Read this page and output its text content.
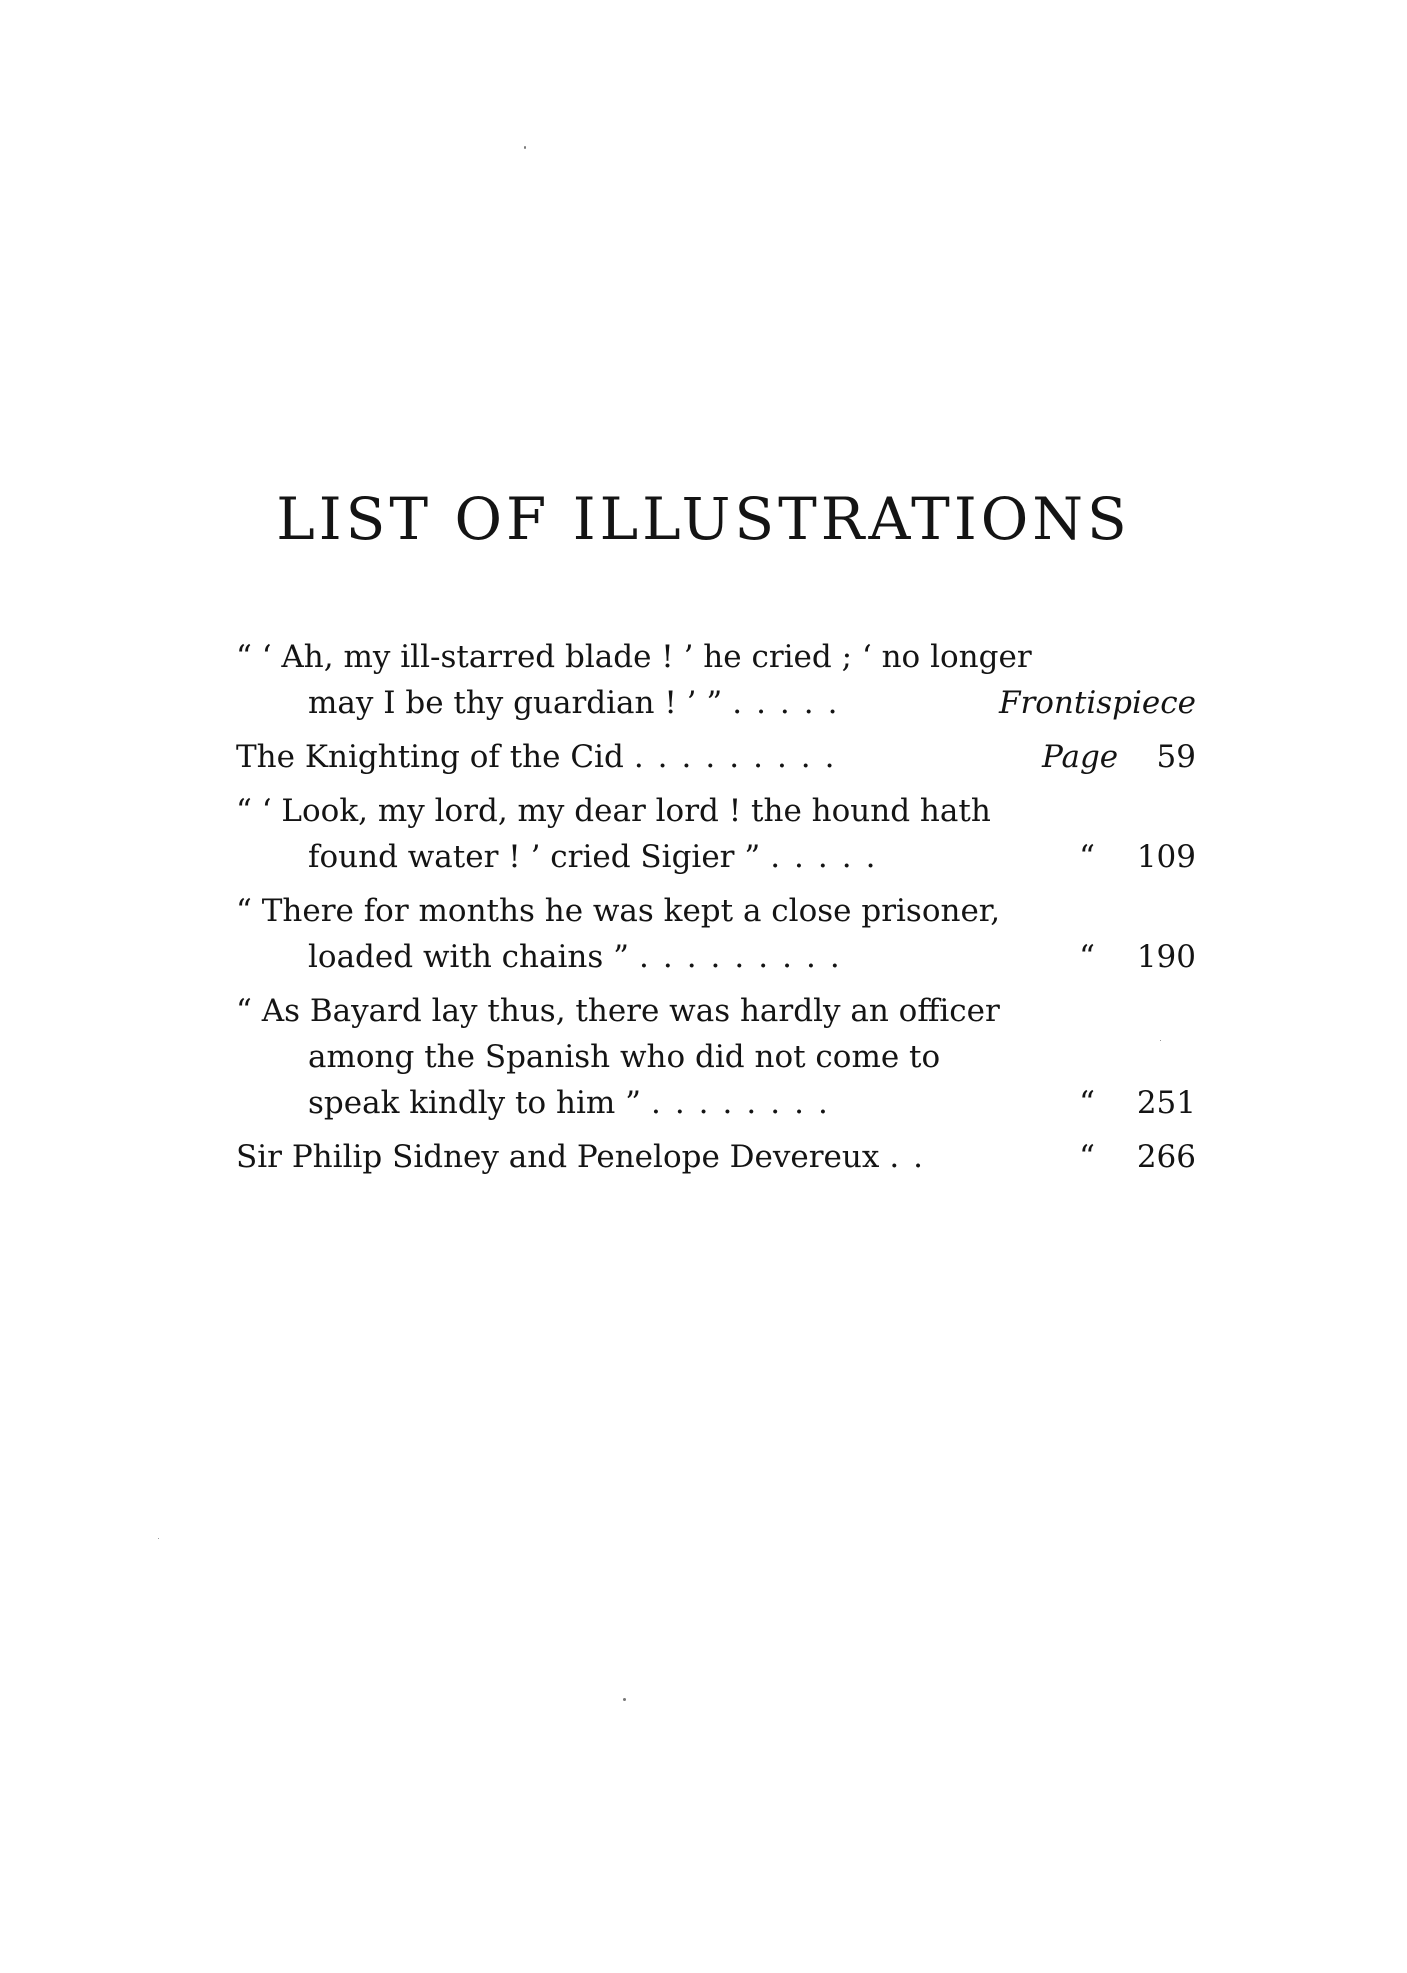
LIST OF ILLUSTRATIONS
“ ‘ Ah, my ill-starred blade ! ’ he cried ; ‘ no longer
may I be thy guardian ! ’ ” .....	Frontispiece
The Knighting of the Cid .........	Page	59
“ ‘ Look, my lord, my dear lord ! the hound hath
found water ! ’ cried Sigier ” .....	“	109
“ There for months he was kept a close prisoner,
loaded with chains ” .........	“	190
“ As Bayard lay thus, there was hardly an officer
among the Spanish who did not come to
speak kindly to him ” ........	“	251
Sir Philip Sidney and Penelope Devereux ..	“	266
